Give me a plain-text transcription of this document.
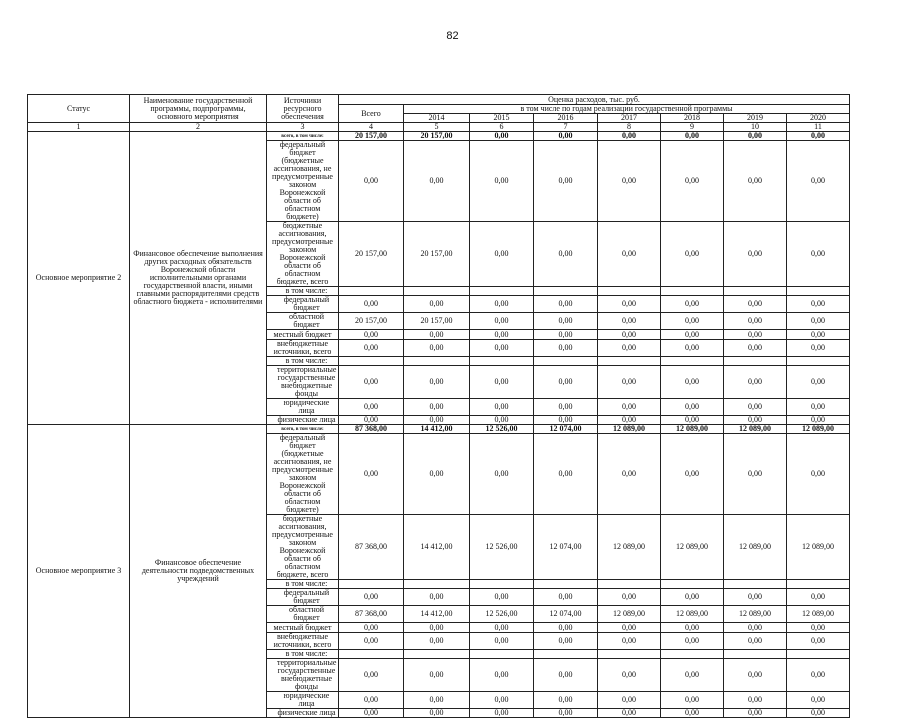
82
Статус	Наименование государственной программы, подпрограммы, основного мероприятия	Источники ресурсного обеспечения	Оценка расходов, тыс. руб.							
			Всего	в том числе по годам реализации государственной программы						
				2014	2015	2016	2017	2018	2019	2020
1	2	3	4	5	6	7	8	9	10	11
Основное мероприятие 2	Финансовое обеспечение выполнения других расходных обязательств Воронежской области исполнительными органами государственной власти, иными главными распорядителями средств областного бюджета - исполнителями	всего, в том числе:	20 157,00	20 157,00	0,00	0,00	0,00	0,00	0,00	0,00
		федеральный бюджет (бюджетные ассигнования, не предусмотренные законом Воронежской области об областном бюджете)	0,00	0,00	0,00	0,00	0,00	0,00	0,00	0,00
		бюджетные ассигнования, предусмотренные законом Воронежской области об областном бюджете, всего	20 157,00	20 157,00	0,00	0,00	0,00	0,00	0,00	0,00
		в том числе:								
		федеральный бюджет	0,00	0,00	0,00	0,00	0,00	0,00	0,00	0,00
		областной бюджет	20 157,00	20 157,00	0,00	0,00	0,00	0,00	0,00	0,00
		местный бюджет	0,00	0,00	0,00	0,00	0,00	0,00	0,00	0,00
		внебюджетные источники, всего	0,00	0,00	0,00	0,00	0,00	0,00	0,00	0,00
		в том числе:								
		территориальные государственные внебюджетные фонды	0,00	0,00	0,00	0,00	0,00	0,00	0,00	0,00
		юридические лица	0,00	0,00	0,00	0,00	0,00	0,00	0,00	0,00
		физические лица	0,00	0,00	0,00	0,00	0,00	0,00	0,00	0,00
Основное мероприятие 3	Финансовое обеспечение деятельности подведомственных учреждений	всего, в том числе:	87 368,00	14 412,00	12 526,00	12 074,00	12 089,00	12 089,00	12 089,00	12 089,00
		федеральный бюджет (бюджетные ассигнования, не предусмотренные законом Воронежской области об областном бюджете)	0,00	0,00	0,00	0,00	0,00	0,00	0,00	0,00
		бюджетные ассигнования, предусмотренные законом Воронежской области об областном бюджете, всего	87 368,00	14 412,00	12 526,00	12 074,00	12 089,00	12 089,00	12 089,00	12 089,00
		в том числе:								
		федеральный бюджет	0,00	0,00	0,00	0,00	0,00	0,00	0,00	0,00
		областной бюджет	87 368,00	14 412,00	12 526,00	12 074,00	12 089,00	12 089,00	12 089,00	12 089,00
		местный бюджет	0,00	0,00	0,00	0,00	0,00	0,00	0,00	0,00
		внебюджетные источники, всего	0,00	0,00	0,00	0,00	0,00	0,00	0,00	0,00
		в том числе:								
		территориальные государственные внебюджетные фонды	0,00	0,00	0,00	0,00	0,00	0,00	0,00	0,00
		юридические лица	0,00	0,00	0,00	0,00	0,00	0,00	0,00	0,00
		физические лица	0,00	0,00	0,00	0,00	0,00	0,00	0,00	0,00
